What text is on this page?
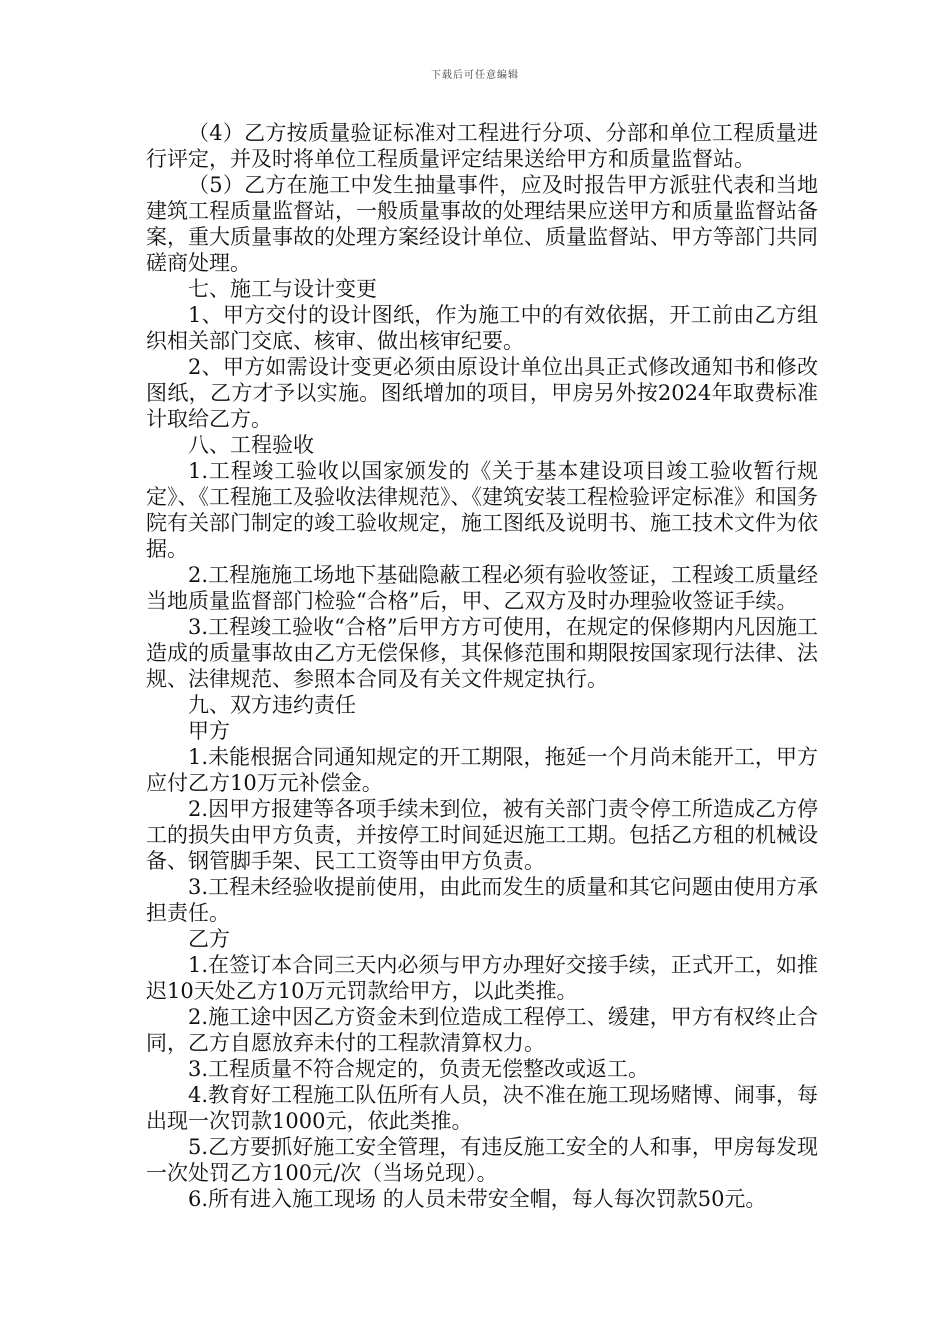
下载后可任意编辑

（4）乙方按质量验证标准对工程进行分项、分部和单位工程质量进行评定，并及时将单位工程质量评定结果送给甲方和质量监督站。

（5）乙方在施工中发生抽量事件，应及时报告甲方派驻代表和当地建筑工程质量监督站，一般质量事故的处理结果应送甲方和质量监督站备案，重大质量事故的处理方案经设计单位、质量监督站、甲方等部门共同磋商处理。

七、施工与设计变更

1、甲方交付的设计图纸，作为施工中的有效依据，开工前由乙方组织相关部门交底、核审、做出核审纪要。

2、甲方如需设计变更必须由原设计单位出具正式修改通知书和修改图纸，乙方才予以实施。图纸增加的项目，甲房另外按2024年取费标准计取给乙方。

八、工程验收

1.工程竣工验收以国家颁发的《关于基本建设项目竣工验收暂行规定》、《工程施工及验收法律规范》、《建筑安装工程检验评定标准》和国务院有关部门制定的竣工验收规定，施工图纸及说明书、施工技术文件为依据。

2.工程施施工场地下基础隐蔽工程必须有验收签证，工程竣工质量经当地质量监督部门检验“合格”后，甲、乙双方及时办理验收签证手续。

3.工程竣工验收“合格”后甲方方可使用，在规定的保修期内凡因施工造成的质量事故由乙方无偿保修，其保修范围和期限按国家现行法律、法规、法律规范、参照本合同及有关文件规定执行。

九、双方违约责任

甲方

1.未能根据合同通知规定的开工期限，拖延一个月尚未能开工，甲方应付乙方10万元补偿金。

2.因甲方报建等各项手续未到位，被有关部门责令停工所造成乙方停工的损失由甲方负责，并按停工时间延迟施工工期。包括乙方租的机械设备、钢管脚手架、民工工资等由甲方负责。

3.工程未经验收提前使用，由此而发生的质量和其它问题由使用方承担责任。

乙方

1.在签订本合同三天内必须与甲方办理好交接手续，正式开工，如推迟10天处乙方10万元罚款给甲方，以此类推。

2.施工途中因乙方资金未到位造成工程停工、缓建，甲方有权终止合同，乙方自愿放弃未付的工程款清算权力。

3.工程质量不符合规定的，负责无偿整改或返工。

4.教育好工程施工队伍所有人员，决不准在施工现场赌博、闹事，每出现一次罚款1000元，依此类推。

5.乙方要抓好施工安全管理，有违反施工安全的人和事，甲房每发现一次处罚乙方100元/次（当场兑现）。

6.所有进入施工现场 的人员未带安全帽，每人每次罚款50元。
